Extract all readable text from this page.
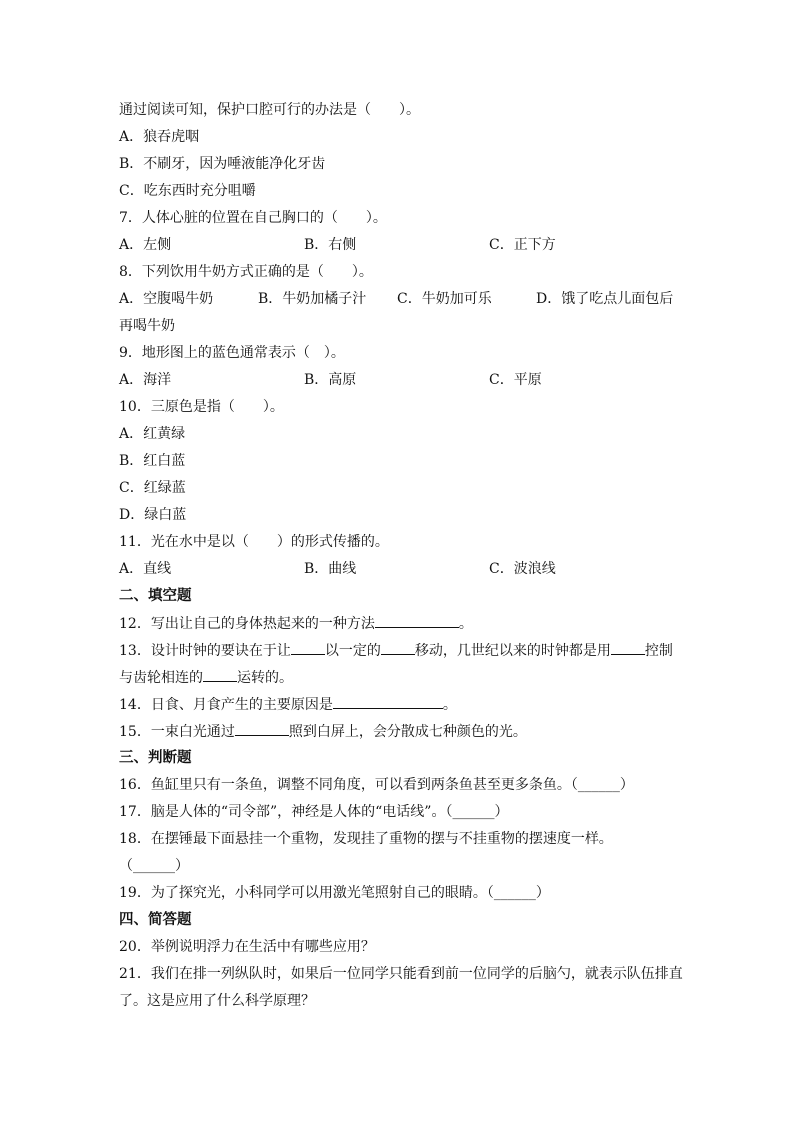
通过阅读可知，保护口腔可行的办法是（　　）。
A．狼吞虎咽
B．不刷牙，因为唾液能净化牙齿
C．吃东西时充分咀嚼
7．人体心脏的位置在自己胸口的（　　）。
A．左侧	B．右侧	C．正下方
8．下列饮用牛奶方式正确的是（　　）。
A．空腹喝牛奶	B．牛奶加橘子汁 C．牛奶加可乐	D．饿了吃点儿面包后
再喝牛奶
9．地形图上的蓝色通常表示（　）。
A．海洋	B．高原	C．平原
10．三原色是指（　　）。
A．红黄绿
B．红白蓝
C．红绿蓝
D．绿白蓝
11．光在水中是以（　　）的形式传播的。
A．直线	B．曲线	C．波浪线
二、填空题
12．写出让自己的身体热起来的一种方法	。
13．设计时钟的要诀在于让 以一定的 移动，几世纪以来的时钟都是用 控制
与齿轮相连的 运转的。
14．日食、月食产生的主要原因是	。
15．一束白光通过	照到白屏上，会分散成七种颜色的光。
三、判断题
16．鱼缸里只有一条鱼，调整不同角度，可以看到两条鱼甚至更多条鱼。（______）
17．脑是人体的“司令部”，神经是人体的“电话线”。（______）
18．在摆锤最下面悬挂一个重物，发现挂了重物的摆与不挂重物的摆速度一样。
（______）
19．为了探究光，小科同学可以用激光笔照射自己的眼睛。（______）
四、简答题
20．举例说明浮力在生活中有哪些应用？
21．我们在排一列纵队时，如果后一位同学只能看到前一位同学的后脑勺，就表示队伍排直
了。这是应用了什么科学原理？
